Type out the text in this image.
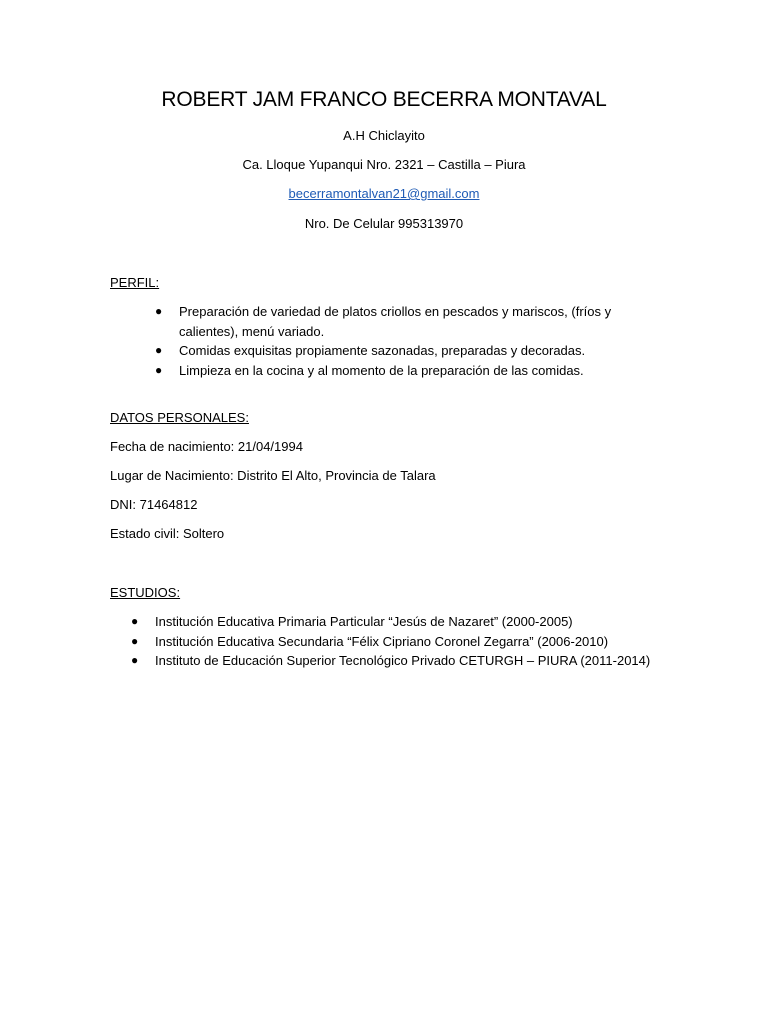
ROBERT JAM FRANCO BECERRA MONTAVAL
A.H Chiclayito
Ca. Lloque Yupanqui Nro. 2321 – Castilla – Piura
becerramontalvan21@gmail.com
Nro. De Celular 995313970
PERFIL:
● Preparación de variedad de platos criollos en pescados y mariscos, (fríos y calientes), menú variado.
● Comidas exquisitas propiamente sazonadas, preparadas y decoradas.
● Limpieza en la cocina y al momento de la preparación de las comidas.
DATOS PERSONALES:
Fecha de nacimiento: 21/04/1994
Lugar de Nacimiento: Distrito El Alto, Provincia de Talara
DNI: 71464812
Estado civil: Soltero
ESTUDIOS:
● Institución Educativa Primaria Particular “Jesús de Nazaret” (2000-2005)
● Institución Educativa Secundaria “Félix Cipriano Coronel Zegarra” (2006-2010)
● Instituto de Educación Superior Tecnológico Privado CETURGH – PIURA (2011-2014)
